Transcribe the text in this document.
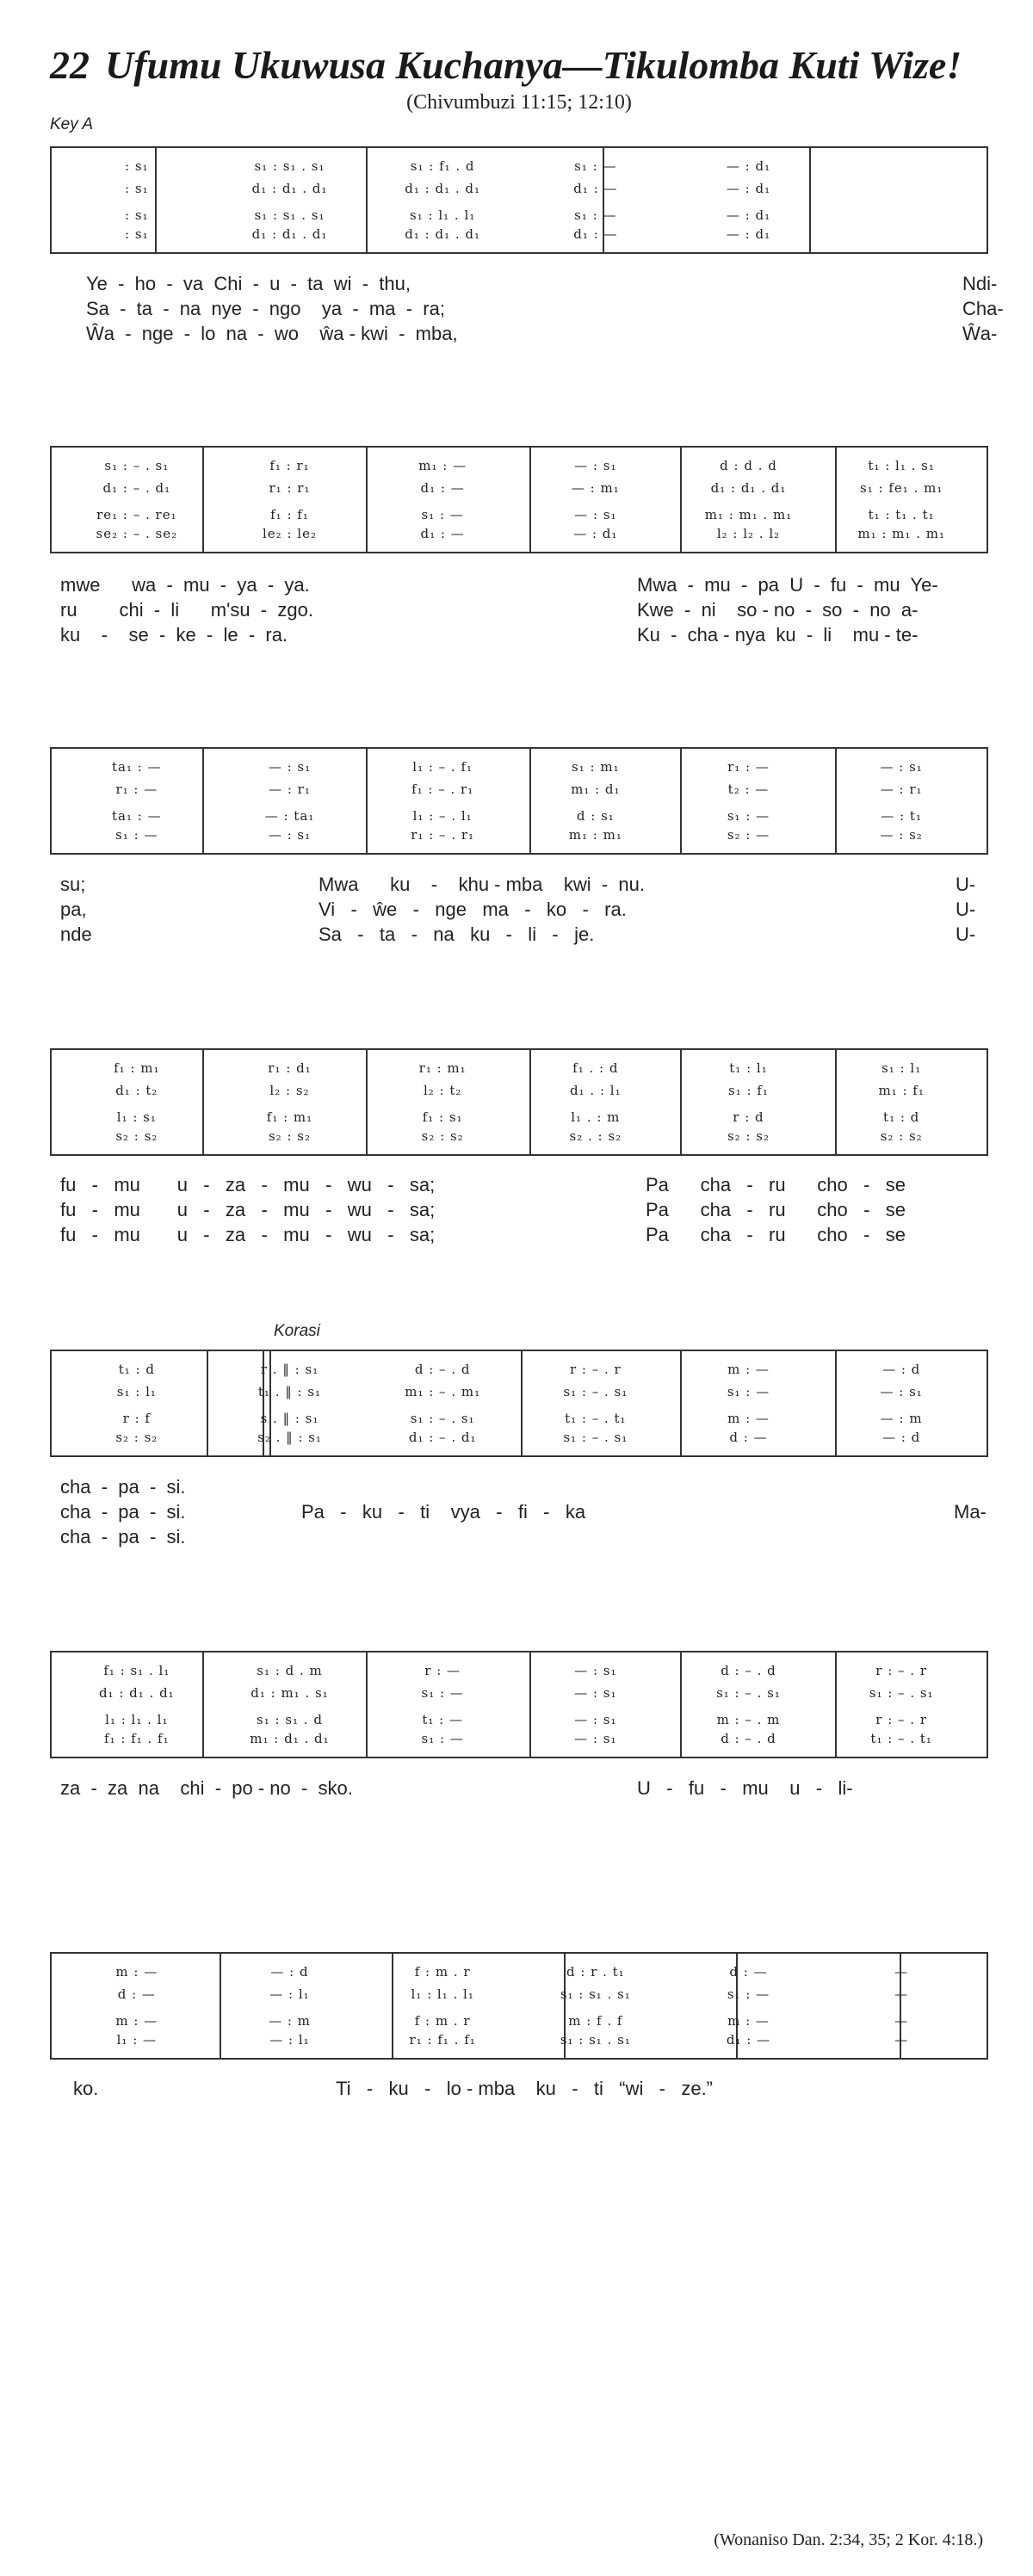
22 Ufumu Ukuwusa Kuchanya—Tikulomba Kuti Wize!
(Chivumbuzi 11:15; 12:10)
Key A
Korasi
: s₁	s₁ : s₁ . s₁	s₁ : f₁ . d	s₁ : —	— : d₁
: s₁	d₁ : d₁ . d₁	d₁ : d₁ . d₁	d₁ : —	— : d₁
: s₁	s₁ : s₁ . s₁	s₁ : l₁ . l₁	s₁ : —	— : d₁
: s₁	d₁ : d₁ . d₁	d₁ : d₁ . d₁	d₁ : —	— : d₁
Ye  -  ho  -  va  Chi  -  u  -  ta  wi  -  thu,	Ndi-
Sa  -  ta  -  na  nye  -  ngo    ya  -  ma  -  ra;	Cha-
Ŵa  -  nge  -  lo  na  -  wo    ŵa - kwi  -  mba,	Ŵa-
s₁ : – . s₁	f₁ : r₁	m₁ : —	— : s₁	d : d . d	t₁ : l₁ . s₁
d₁ : – . d₁	r₁ : r₁	d₁ : —	— : m₁	d₁ : d₁ . d₁	s₁ : fe₁ . m₁
re₁ : – . re₁	f₁ : f₁	s₁ : —	— : s₁	m₁ : m₁ . m₁	t₁ : t₁ . t₁
se₂ : – . se₂	le₂ : le₂	d₁ : —	— : d₁	l₂ : l₂ . l₂	m₁ : m₁ . m₁
mwe      wa  -  mu  -  ya  -  ya.	Mwa  -  mu  -  pa  U  -  fu  -  mu  Ye-
ru        chi  -  li      m'su  -  zgo.	Kwe  -  ni    so - no  -  so  -  no  a-
ku    -    se  -  ke  -  le  -  ra.	Ku  -  cha - nya  ku  -  li    mu - te-
ta₁ : —	— : s₁	l₁ : – . f₁	s₁ : m₁	r₁ : —	— : s₁
r₁ : —	— : r₁	f₁ : – . r₁	m₁ : d₁	t₂ : —	— : r₁
ta₁ : —	— : ta₁	l₁ : – . l₁	d : s₁	s₁ : —	— : t₁
s₁ : —	— : s₁	r₁ : – . r₁	m₁ : m₁	s₂ : —	— : s₂
su;	Mwa      ku    -    khu - mba    kwi  -  nu.	U-
pa,	Vi   -   ŵe   -   nge   ma   -   ko   -   ra.	U-
nde	Sa   -   ta   -   na   ku   -   li   -   je.	U-
f₁ : m₁	r₁ : d₁	r₁ : m₁	f₁ . : d	t₁ : l₁	s₁ : l₁
d₁ : t₂	l₂ : s₂	l₂ : t₂	d₁ . : l₁	s₁ : f₁	m₁ : f₁
l₁ : s₁	f₁ : m₁	f₁ : s₁	l₁ . : m	r : d	t₁ : d
s₂ : s₂	s₂ : s₂	s₂ : s₂	s₂ . : s₂	s₂ : s₂	s₂ : s₂
fu   -   mu       u   -   za   -   mu   -   wu   -   sa;	Pa      cha   -   ru      cho   -   se
fu   -   mu       u   -   za   -   mu   -   wu   -   sa;	Pa      cha   -   ru      cho   -   se
fu   -   mu       u   -   za   -   mu   -   wu   -   sa;	Pa      cha   -   ru      cho   -   se
t₁ : d	r . ‖ : s₁	d : – . d	r : – . r	m : —	— : d
s₁ : l₁	t₁ . ‖ : s₁	m₁ : – . m₁	s₁ : – . s₁	s₁ : —	— : s₁
r : f	s . ‖ : s₁	s₁ : – . s₁	t₁ : – . t₁	m : —	— : m
s₂ : s₂	s₂ . ‖ : s₁	d₁ : – . d₁	s₁ : – . s₁	d : —	— : d
cha  -  pa  -  si.
cha  -  pa  -  si.	Pa   -   ku   -   ti    vya   -   fi   -   ka	Ma-
cha  -  pa  -  si.
f₁ : s₁ . l₁	s₁ : d . m	r : —	— : s₁	d : – . d	r : – . r
d₁ : d₁ . d₁	d₁ : m₁ . s₁	s₁ : —	— : s₁	s₁ : – . s₁	s₁ : – . s₁
l₁ : l₁ . l₁	s₁ : s₁ . d	t₁ : —	— : s₁	m : – . m	r : – . r
f₁ : f₁ . f₁	m₁ : d₁ . d₁	s₁ : —	— : s₁	d : – . d	t₁ : – . t₁
za  -  za  na    chi  -  po - no  -  sko.	U   -   fu   -   mu    u   -   li-
m : —	— : d	f : m . r	d : r . t₁	d : —	—
d : —	— : l₁	l₁ : l₁ . l₁	s₁ : s₁ . s₁	s₁ : —	—
m : —	— : m	f : m . r	m : f . f	m : —	—
l₁ : —	— : l₁	r₁ : f₁ . f₁	s₁ : s₁ . s₁	d₁ : —	—
ko.	Ti   -   ku   -   lo - mba    ku   -   ti   “wi   -   ze.”
(Wonaniso Dan. 2:34, 35; 2 Kor. 4:18.)
